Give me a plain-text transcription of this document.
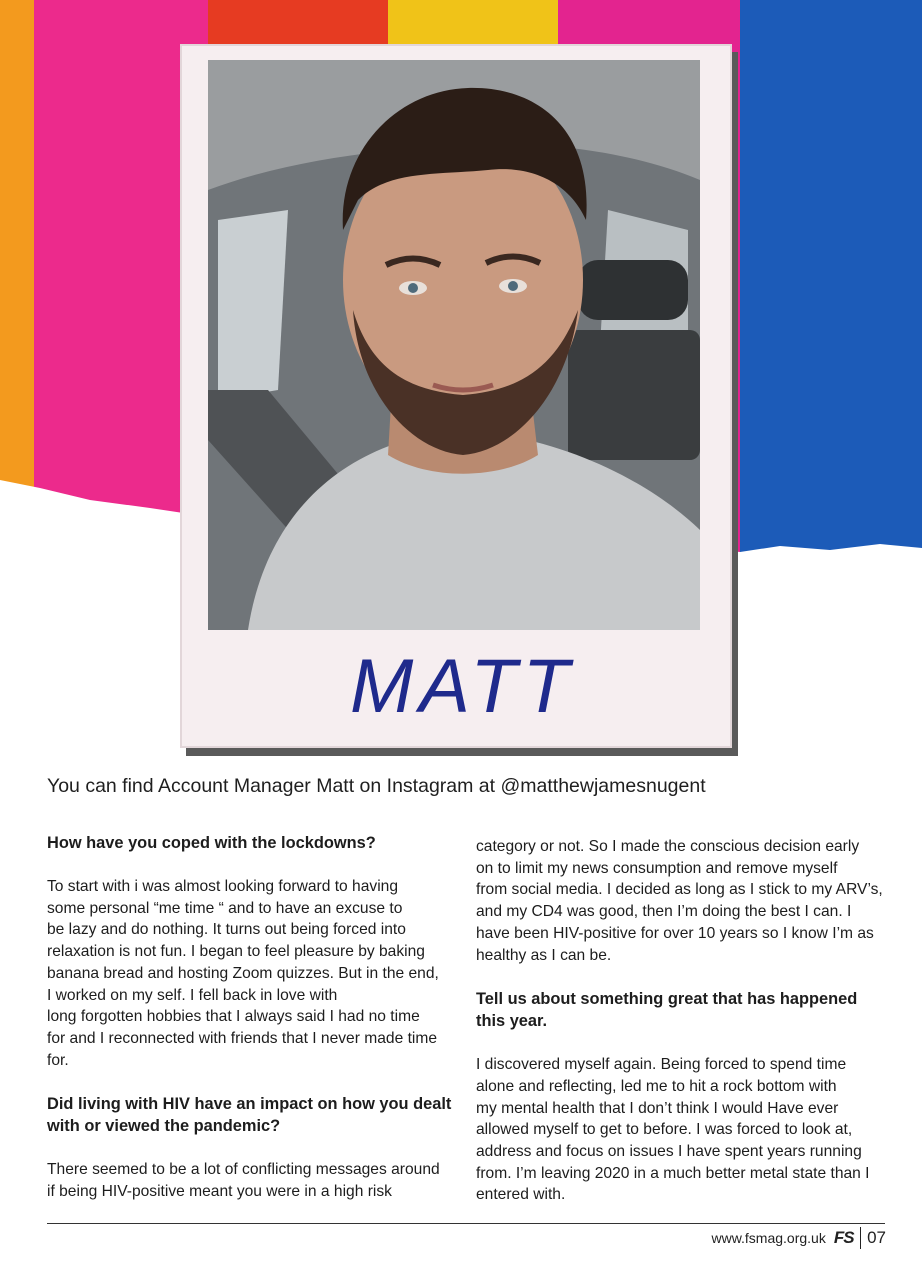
MATT
You can find Account Manager Matt on Instagram at @matthewjamesnugent
How have you coped with the lockdowns?
To start with i was almost looking forward to having
some personal “me time “ and to have an excuse to
be lazy and do nothing. It turns out being forced into
relaxation is not fun. I began to feel pleasure by baking
banana bread and hosting Zoom quizzes. But in the end,
I worked on my self. I fell back in love with
long forgotten hobbies that I always said I had no time
for and I reconnected with friends that I never made time
for.
Did living with HIV have an impact on how you dealt with or viewed the pandemic?
There seemed to be a lot of conflicting messages around
if being HIV-positive meant you were in a high risk
category or not. So I made the conscious decision early
on to limit my news consumption and remove myself
from social media. I decided as long as I stick to my ARV’s,
and my CD4 was good, then I’m doing the best I can. I
have been HIV-positive for over 10 years so I know I’m as
healthy as I can be.
Tell us about something great that has happened this year.
I discovered myself again. Being forced to spend time
alone and reflecting, led me to hit a rock bottom with
my mental health that I don’t think I would Have ever
allowed myself to get to before. I was forced to look at,
address and focus on issues I have spent years running
from. I’m leaving 2020 in a much better metal state than I
entered with.
www.fsmag.org.uk FS 07
